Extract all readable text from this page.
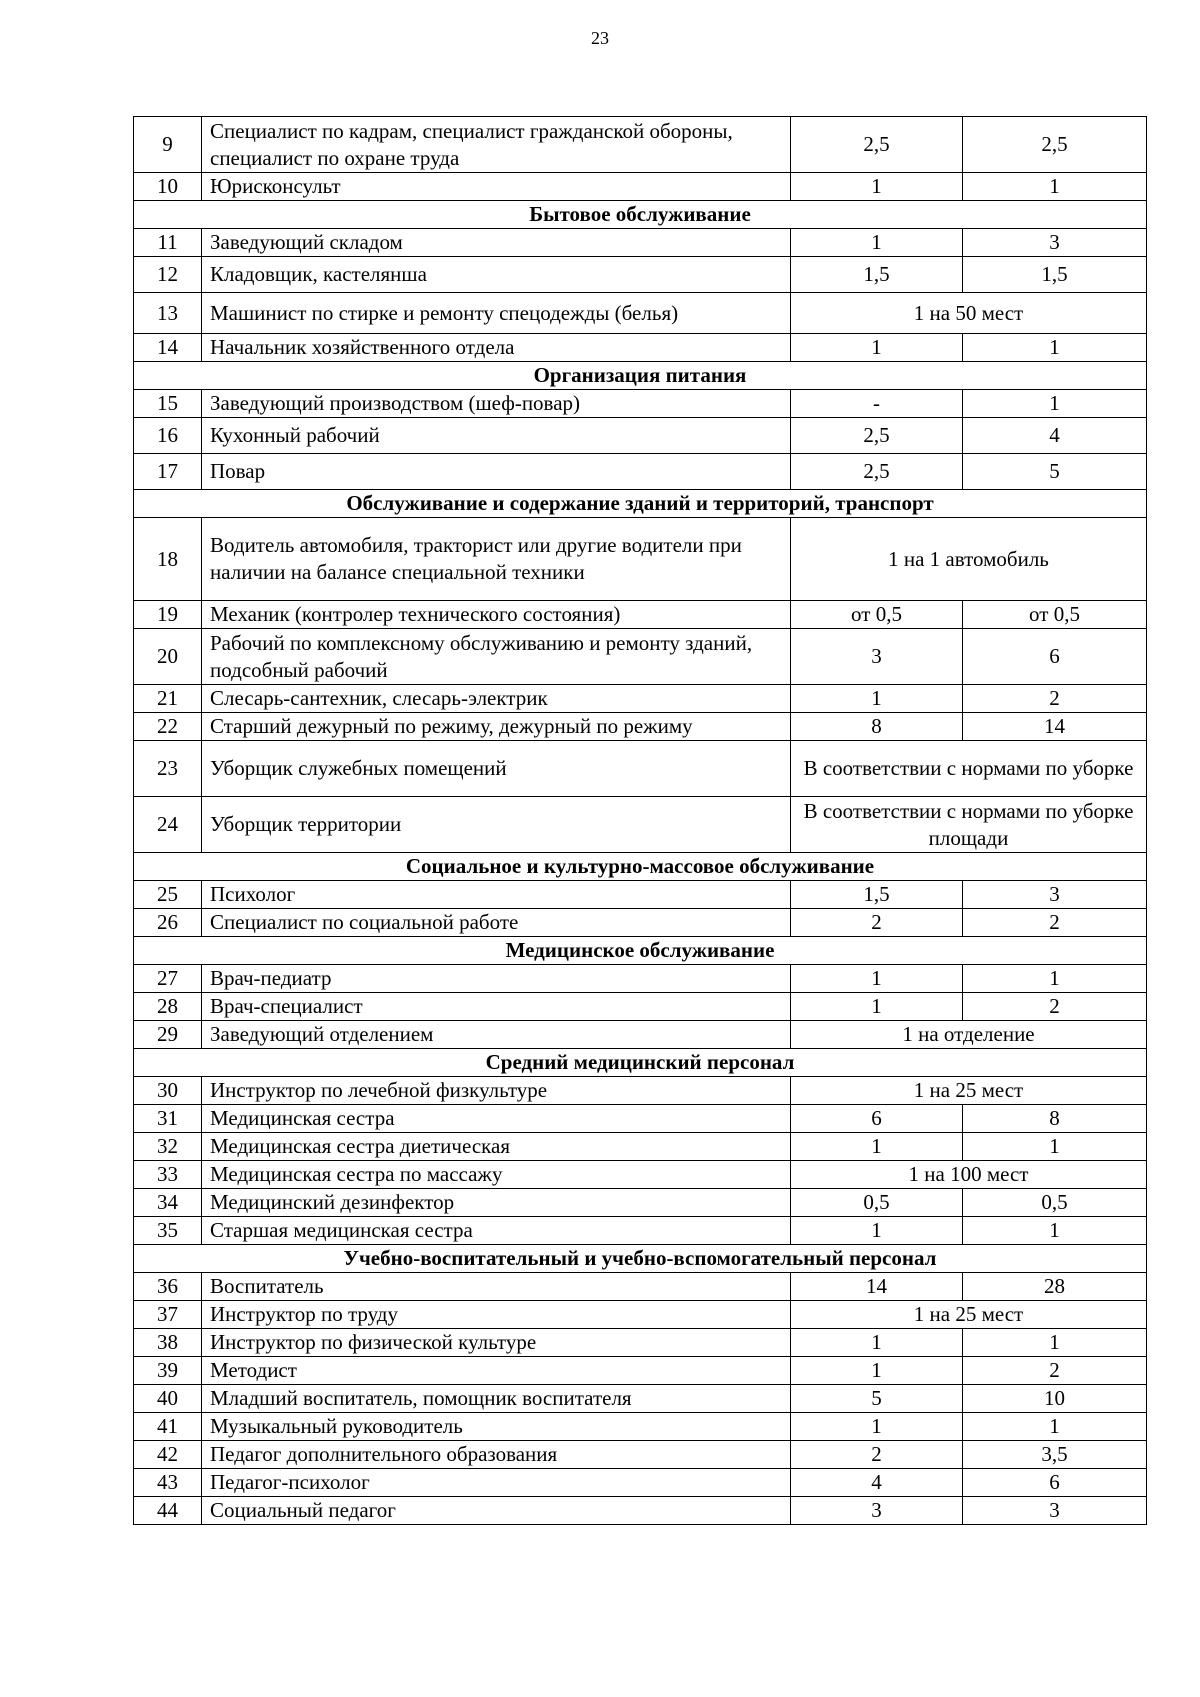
23
9	Специалист по кадрам, специалист гражданской обороны, специалист по охране труда	2,5	2,5
10	Юрисконсульт	1	1
Бытовое обслуживание			
11	Заведующий складом	1	3
12	Кладовщик, кастелянша	1,5	1,5
13	Машинист по стирке и ремонту спецодежды (белья)	1 на 50 мест	
14	Начальник хозяйственного отдела	1	1
Организация питания			
15	Заведующий производством (шеф-повар)	-	1
16	Кухонный рабочий	2,5	4
17	Повар	2,5	5
Обслуживание и содержание зданий и территорий, транспорт			
18	Водитель автомобиля, тракторист или другие водители при наличии на балансе специальной техники	1 на 1 автомобиль	
19	Механик (контролер технического состояния)	от 0,5	от 0,5
20	Рабочий по комплексному обслуживанию и ремонту зданий, подсобный рабочий	3	6
21	Слесарь-сантехник, слесарь-электрик	1	2
22	Старший дежурный по режиму, дежурный по режиму	8	14
23	Уборщик служебных помещений	В соответствии с нормами по уборке	
24	Уборщик территории	В соответствии с нормами по уборке площади	
Социальное и культурно-массовое обслуживание			
25	Психолог	1,5	3
26	Специалист по социальной работе	2	2
Медицинское обслуживание			
27	Врач-педиатр	1	1
28	Врач-специалист	1	2
29	Заведующий отделением	1 на отделение	
Средний медицинский персонал			
30	Инструктор по лечебной физкультуре	1 на 25 мест	
31	Медицинская сестра	6	8
32	Медицинская сестра диетическая	1	1
33	Медицинская сестра по массажу	1 на 100 мест	
34	Медицинский дезинфектор	0,5	0,5
35	Старшая медицинская сестра	1	1
Учебно-воспитательный и учебно-вспомогательный персонал			
36	Воспитатель	14	28
37	Инструктор по труду	1 на 25 мест	
38	Инструктор по физической культуре	1	1
39	Методист	1	2
40	Младший воспитатель, помощник воспитателя	5	10
41	Музыкальный руководитель	1	1
42	Педагог дополнительного образования	2	3,5
43	Педагог-психолог	4	6
44	Социальный педагог	3	3
